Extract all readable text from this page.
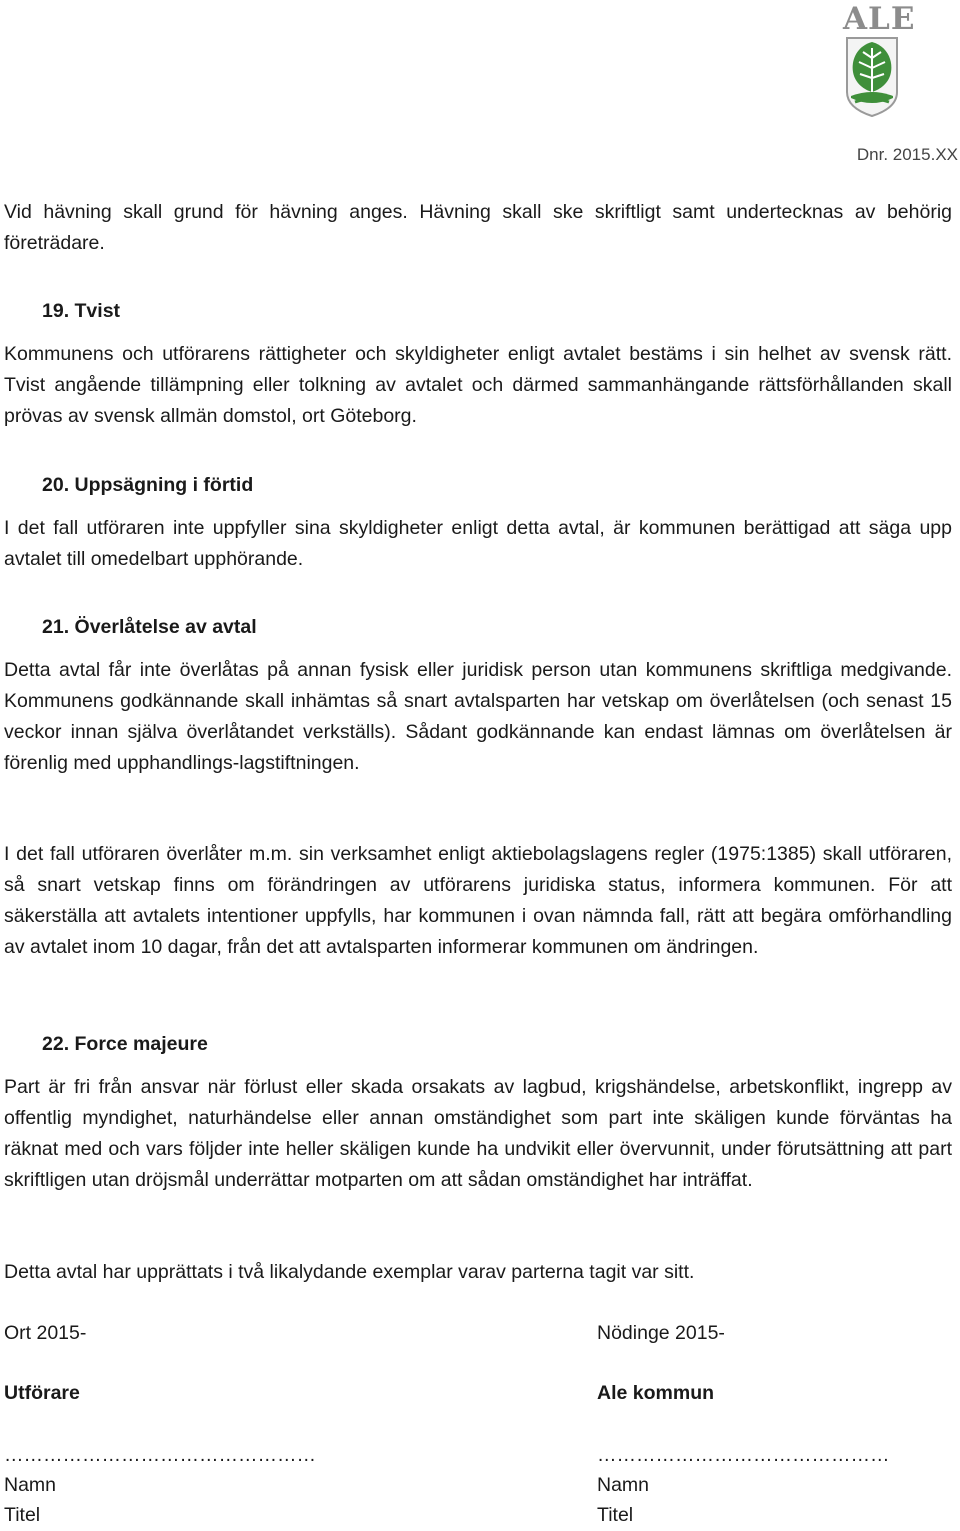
ALE
Dnr. 2015.XX
Vid hävning skall grund för hävning anges. Hävning skall ske skriftligt samt undertecknas av behörig företrädare.
19. Tvist
Kommunens och utförarens rättigheter och skyldigheter enligt avtalet bestäms i sin helhet av svensk rätt. Tvist angående tillämpning eller tolkning av avtalet och därmed sammanhängande rättsförhållanden skall prövas av svensk allmän domstol, ort Göteborg.
20. Uppsägning i förtid
I det fall utföraren inte uppfyller sina skyldigheter enligt detta avtal, är kommunen berättigad att säga upp avtalet till omedelbart upphörande.
21. Överlåtelse av avtal
Detta avtal får inte överlåtas på annan fysisk eller juridisk person utan kommunens skriftliga medgivande. Kommunens godkännande skall inhämtas så snart avtalsparten har vetskap om överlåtelsen (och senast 15 veckor innan själva överlåtandet verkställs). Sådant godkännande kan endast lämnas om överlåtelsen är förenlig med upphandlings-lagstiftningen.
I det fall utföraren överlåter m.m. sin verksamhet enligt aktiebolagslagens regler (1975:1385) skall utföraren, så snart vetskap finns om förändringen av utförarens juridiska status, informera kommunen. För att säkerställa att avtalets intentioner uppfylls, har kommunen i ovan nämnda fall, rätt att begära omförhandling av avtalet inom 10 dagar, från det att avtalsparten informerar kommunen om ändringen.
22. Force majeure
Part är fri från ansvar när förlust eller skada orsakats av lagbud, krigshändelse, arbetskonflikt, ingrepp av offentlig myndighet, naturhändelse eller annan omständighet som part inte skäligen kunde förväntas ha räknat med och vars följder inte heller skäligen kunde ha undvikit eller övervunnit, under förutsättning att part skriftligen utan dröjsmål underrättar motparten om att sådan omständighet har inträffat.
Detta avtal har upprättats i två likalydande exemplar varav parterna tagit var sitt.
Ort 2015-
Utförare
…………………………………………
Namn
Titel
Nödinge 2015-
Ale kommun
………………………………………
Namn
Titel
